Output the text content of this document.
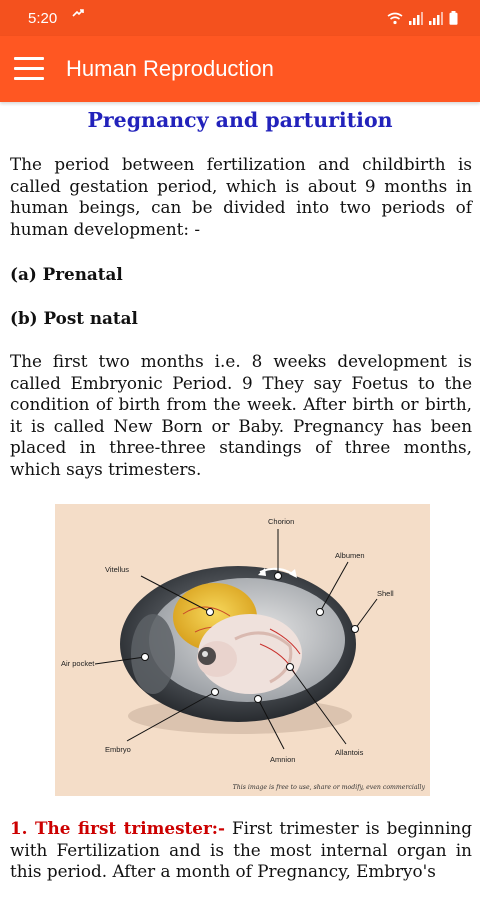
5:20
Human Reproduction
Pregnancy and parturition

The period between fertilization and childbirth is called gestation period, which is about 9 months in human beings, can be divided into two periods of human development: -

(a) Prenatal
(b) Post natal

The first two months i.e. 8 weeks development is called Embryonic Period. 9 They say Foetus to the condition of birth from the week. After birth or birth, it is called New Born or Baby. Pregnancy has been placed in three-three standings of three months, which says trimesters.

Chorion
Albumen
Vitellus
Shell
Air pocket
Embryo
Amnion
Allantois
This image is free to use, share or modify, even commercially

1. The first trimester:- First trimester is beginning with Fertilization and is the most internal organ in this period. After a month of Pregnancy, Embryo's
